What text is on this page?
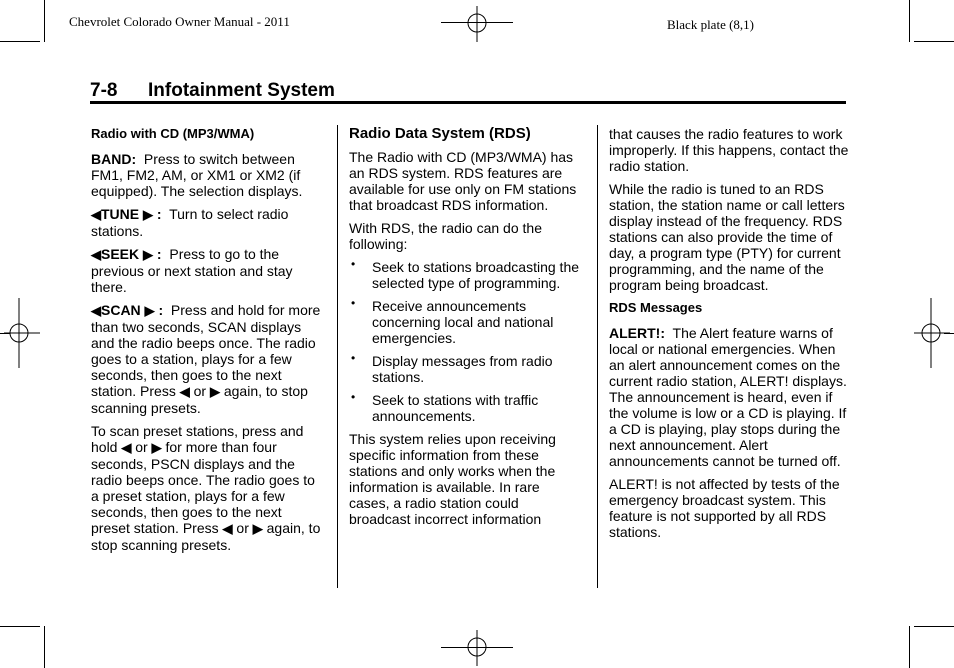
Chevrolet Colorado Owner Manual - 2011	Black plate (8,1)
7-8 Infotainment System

Radio with CD (MP3/WMA)

BAND: Press to switch between FM1, FM2, AM, or XM1 or XM2 (if equipped). The selection displays.

◀TUNE ▶ : Turn to select radio stations.

◀SEEK ▶ : Press to go to the previous or next station and stay there.

◀SCAN ▶ : Press and hold for more than two seconds, SCAN displays and the radio beeps once. The radio goes to a station, plays for a few seconds, then goes to the next station. Press ◀ or ▶ again, to stop scanning presets.

To scan preset stations, press and hold ◀ or ▶ for more than four seconds, PSCN displays and the radio beeps once. The radio goes to a preset station, plays for a few seconds, then goes to the next preset station. Press ◀ or ▶ again, to stop scanning presets.

Radio Data System (RDS)

The Radio with CD (MP3/WMA) has an RDS system. RDS features are available for use only on FM stations that broadcast RDS information.

With RDS, the radio can do the following:

• Seek to stations broadcasting the selected type of programming.
• Receive announcements concerning local and national emergencies.
• Display messages from radio stations.
• Seek to stations with traffic announcements.

This system relies upon receiving specific information from these stations and only works when the information is available. In rare cases, a radio station could broadcast incorrect information

that causes the radio features to work improperly. If this happens, contact the radio station.

While the radio is tuned to an RDS station, the station name or call letters display instead of the frequency. RDS stations can also provide the time of day, a program type (PTY) for current programming, and the name of the program being broadcast.

RDS Messages

ALERT!: The Alert feature warns of local or national emergencies. When an alert announcement comes on the current radio station, ALERT! displays. The announcement is heard, even if the volume is low or a CD is playing. If a CD is playing, play stops during the next announcement. Alert announcements cannot be turned off.

ALERT! is not affected by tests of the emergency broadcast system. This feature is not supported by all RDS stations.
